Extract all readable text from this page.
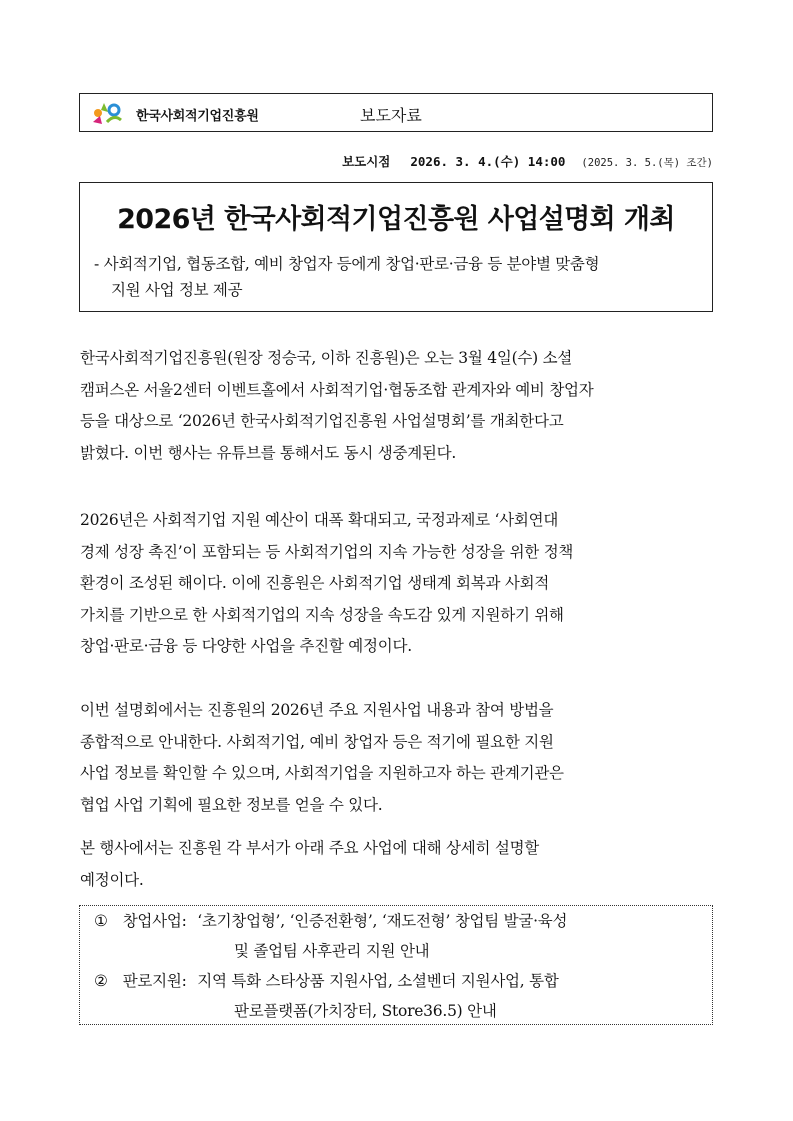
한국사회적기업진흥원	보도자료
보도시점 2026. 3. 4.(수) 14:00 (2025. 3. 5.(목) 조간)
2026년 한국사회적기업진흥원 사업설명회 개최
- 사회적기업, 협동조합, 예비 창업자 등에게 창업·판로·금융 등 분야별 맞춤형
지원 사업 정보 제공
한국사회적기업진흥원(원장 정승국, 이하 진흥원)은 오는 3월 4일(수) 소셜
캠퍼스온 서울2센터 이벤트홀에서 사회적기업·협동조합 관계자와 예비 창업자
등을 대상으로 ‘2026년 한국사회적기업진흥원 사업설명회’를 개최한다고
밝혔다. 이번 행사는 유튜브를 통해서도 동시 생중계된다.
2026년은 사회적기업 지원 예산이 대폭 확대되고, 국정과제로 ‘사회연대
경제 성장 촉진’이 포함되는 등 사회적기업의 지속 가능한 성장을 위한 정책
환경이 조성된 해이다. 이에 진흥원은 사회적기업 생태계 회복과 사회적
가치를 기반으로 한 사회적기업의 지속 성장을 속도감 있게 지원하기 위해
창업·판로·금융 등 다양한 사업을 추진할 예정이다.
이번 설명회에서는 진흥원의 2026년 주요 지원사업 내용과 참여 방법을
종합적으로 안내한다. 사회적기업, 예비 창업자 등은 적기에 필요한 지원
사업 정보를 확인할 수 있으며, 사회적기업을 지원하고자 하는 관계기관은
협업 사업 기획에 필요한 정보를 얻을 수 있다.
본 행사에서는 진흥원 각 부서가 아래 주요 사업에 대해 상세히 설명할
예정이다.
① 창업사업: ‘초기창업형’, ‘인증전환형’, ‘재도전형’ 창업팀 발굴·육성
및 졸업팀 사후관리 지원 안내
② 판로지원: 지역 특화 스타상품 지원사업, 소셜벤더 지원사업, 통합
판로플랫폼(가치장터, Store36.5) 안내
